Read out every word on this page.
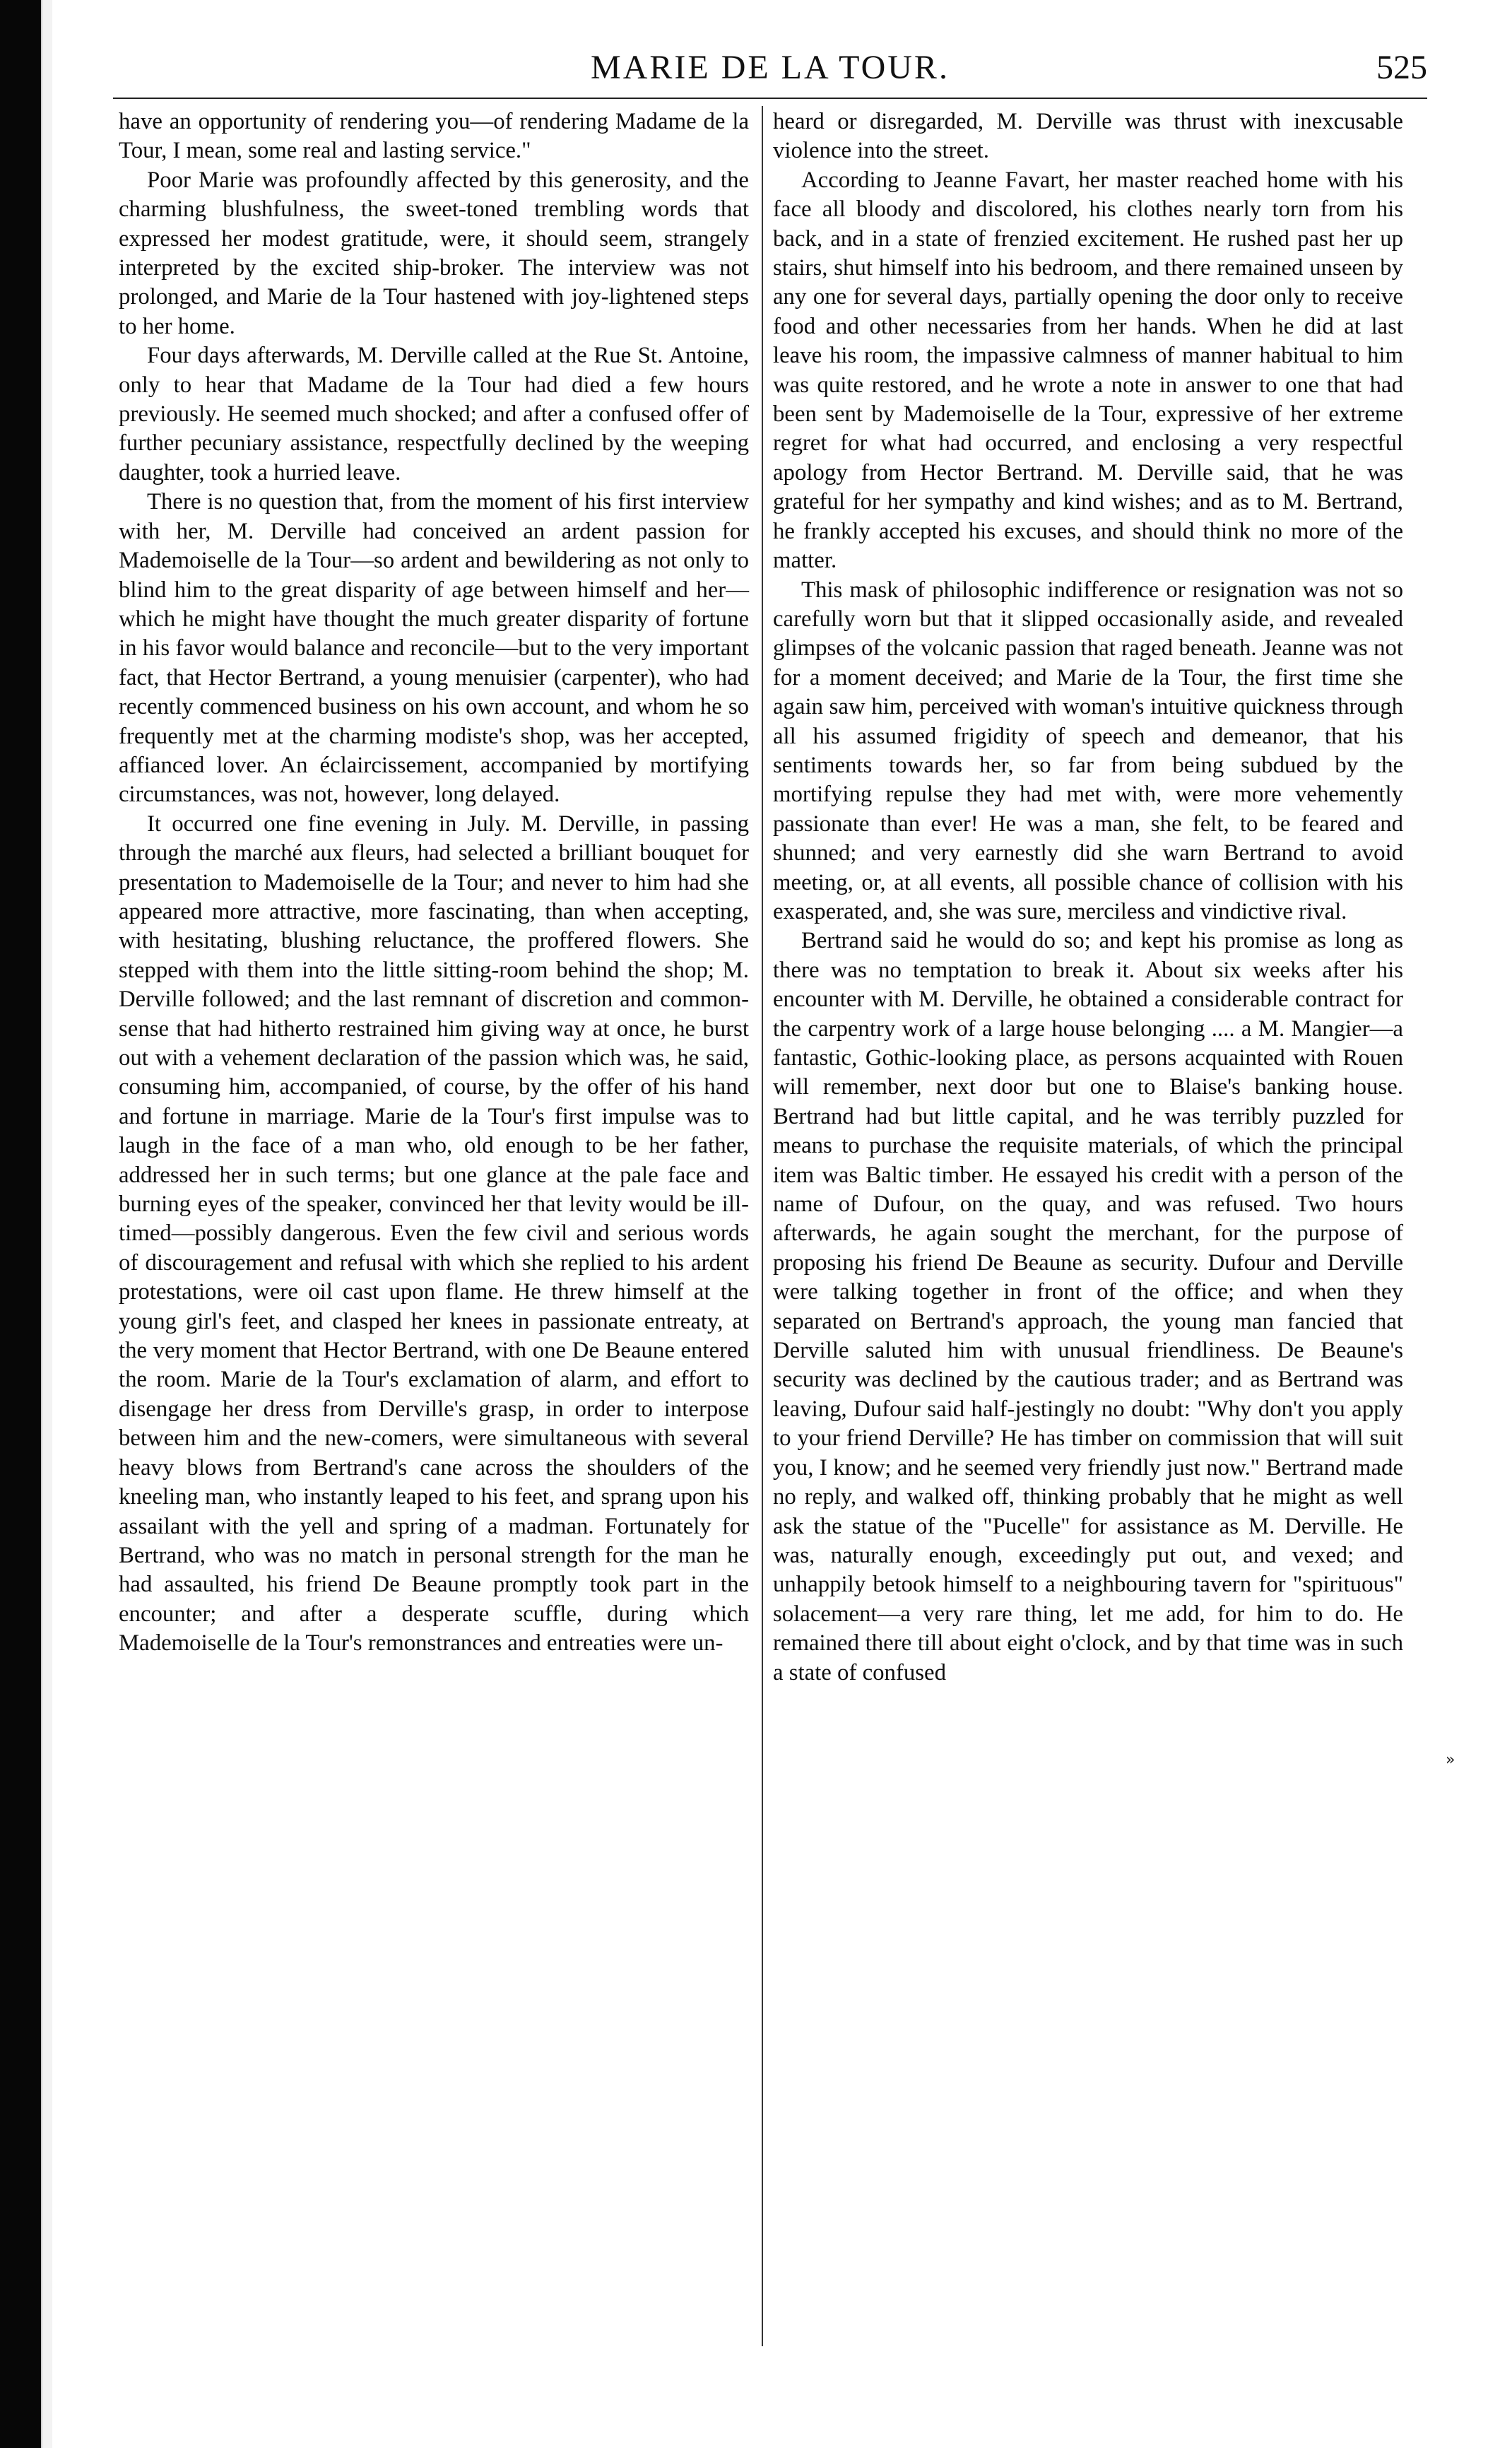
MARIE DE LA TOUR.	525

have an opportunity of rendering you—of rendering Madame de la Tour, I mean, some real and lasting service."

Poor Marie was profoundly affected by this generosity, and the charming blushfulness, the sweet-toned trembling words that expressed her modest gratitude, were, it should seem, strangely interpreted by the excited ship-broker. The interview was not prolonged, and Marie de la Tour hastened with joy-lightened steps to her home.

Four days afterwards, M. Derville called at the Rue St. Antoine, only to hear that Madame de la Tour had died a few hours previously. He seemed much shocked; and after a confused offer of further pecuniary assistance, respectfully declined by the weeping daughter, took a hurried leave.

There is no question that, from the moment of his first interview with her, M. Derville had conceived an ardent passion for Mademoiselle de la Tour—so ardent and bewildering as not only to blind him to the great disparity of age between himself and her—which he might have thought the much greater disparity of fortune in his favor would balance and reconcile—but to the very important fact, that Hector Bertrand, a young menuisier (carpenter), who had recently commenced business on his own account, and whom he so frequently met at the charming modiste's shop, was her accepted, affianced lover. An éclaircissement, accompanied by mortifying circumstances, was not, however, long delayed.

It occurred one fine evening in July. M. Derville, in passing through the marché aux fleurs, had selected a brilliant bouquet for presentation to Mademoiselle de la Tour; and never to him had she appeared more attractive, more fascinating, than when accepting, with hesitating, blushing reluctance, the proffered flowers. She stepped with them into the little sitting-room behind the shop; M. Derville followed; and the last remnant of discretion and common-sense that had hitherto restrained him giving way at once, he burst out with a vehement declaration of the passion which was, he said, consuming him, accompanied, of course, by the offer of his hand and fortune in marriage. Marie de la Tour's first impulse was to laugh in the face of a man who, old enough to be her father, addressed her in such terms; but one glance at the pale face and burning eyes of the speaker, convinced her that levity would be ill-timed—possibly dangerous. Even the few civil and serious words of discouragement and refusal with which she replied to his ardent protestations, were oil cast upon flame. He threw himself at the young girl's feet, and clasped her knees in passionate entreaty, at the very moment that Hector Bertrand, with one De Beaune entered the room. Marie de la Tour's exclamation of alarm, and effort to disengage her dress from Derville's grasp, in order to interpose between him and the new-comers, were simultaneous with several heavy blows from Bertrand's cane across the shoulders of the kneeling man, who instantly leaped to his feet, and sprang upon his assailant with the yell and spring of a madman. Fortunately for Bertrand, who was no match in personal strength for the man he had assaulted, his friend De Beaune promptly took part in the encounter; and after a desperate scuffle, during which Mademoiselle de la Tour's remonstrances and entreaties were un-

heard or disregarded, M. Derville was thrust with inexcusable violence into the street.

According to Jeanne Favart, her master reached home with his face all bloody and discolored, his clothes nearly torn from his back, and in a state of frenzied excitement. He rushed past her up stairs, shut himself into his bedroom, and there remained unseen by any one for several days, partially opening the door only to receive food and other necessaries from her hands. When he did at last leave his room, the impassive calmness of manner habitual to him was quite restored, and he wrote a note in answer to one that had been sent by Mademoiselle de la Tour, expressive of her extreme regret for what had occurred, and enclosing a very respectful apology from Hector Bertrand. M. Derville said, that he was grateful for her sympathy and kind wishes; and as to M. Bertrand, he frankly accepted his excuses, and should think no more of the matter.

This mask of philosophic indifference or resignation was not so carefully worn but that it slipped occasionally aside, and revealed glimpses of the volcanic passion that raged beneath. Jeanne was not for a moment deceived; and Marie de la Tour, the first time she again saw him, perceived with woman's intuitive quickness through all his assumed frigidity of speech and demeanor, that his sentiments towards her, so far from being subdued by the mortifying repulse they had met with, were more vehemently passionate than ever! He was a man, she felt, to be feared and shunned; and very earnestly did she warn Bertrand to avoid meeting, or, at all events, all possible chance of collision with his exasperated, and, she was sure, merciless and vindictive rival.

Bertrand said he would do so; and kept his promise as long as there was no temptation to break it. About six weeks after his encounter with M. Derville, he obtained a considerable contract for the carpentry work of a large house belonging .... a M. Mangier—a fantastic, Gothic-looking place, as persons acquainted with Rouen will remember, next door but one to Blaise's banking house. Bertrand had but little capital, and he was terribly puzzled for means to purchase the requisite materials, of which the principal item was Baltic timber. He essayed his credit with a person of the name of Dufour, on the quay, and was refused. Two hours afterwards, he again sought the merchant, for the purpose of proposing his friend De Beaune as security. Dufour and Derville were talking together in front of the office; and when they separated on Bertrand's approach, the young man fancied that Derville saluted him with unusual friendliness. De Beaune's security was declined by the cautious trader; and as Bertrand was leaving, Dufour said half-jestingly no doubt: "Why don't you apply to your friend Derville? He has timber on commission that will suit you, I know; and he seemed very friendly just now." Bertrand made no reply, and walked off, thinking probably that he might as well ask the statue of the "Pucelle" for assistance as M. Derville. He was, naturally enough, exceedingly put out, and vexed; and unhappily betook himself to a neighbouring tavern for "spirituous" solacement—a very rare thing, let me add, for him to do. He remained there till about eight o'clock, and by that time was in such a state of confused

»
